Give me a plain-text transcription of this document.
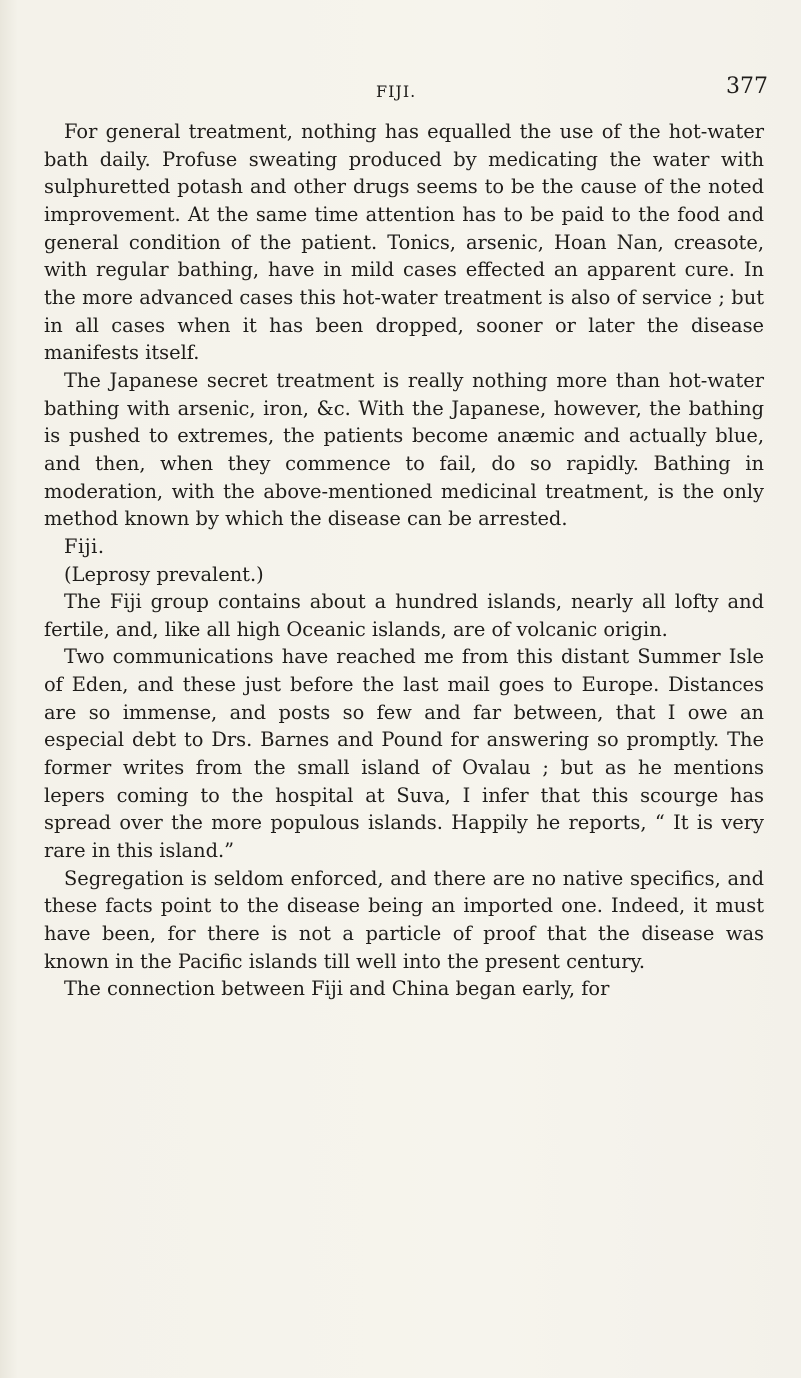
FIJI.	377

For general treatment, nothing has equalled the use of the hot-water bath daily. Profuse sweating produced by medicating the water with sulphuretted potash and other drugs seems to be the cause of the noted improvement. At the same time attention has to be paid to the food and general condition of the patient. Tonics, arsenic, Hoan Nan, creasote, with regular bathing, have in mild cases effected an apparent cure. In the more advanced cases this hot-water treatment is also of service ; but in all cases when it has been dropped, sooner or later the disease manifests itself.

The Japanese secret treatment is really nothing more than hot-water bathing with arsenic, iron, &c. With the Japanese, however, the bathing is pushed to extremes, the patients become anæmic and actually blue, and then, when they commence to fail, do so rapidly. Bathing in moderation, with the above-mentioned medicinal treatment, is the only method known by which the disease can be arrested.

Fiji.

(Leprosy prevalent.)

The Fiji group contains about a hundred islands, nearly all lofty and fertile, and, like all high Oceanic islands, are of volcanic origin.

Two communications have reached me from this distant Summer Isle of Eden, and these just before the last mail goes to Europe. Distances are so immense, and posts so few and far between, that I owe an especial debt to Drs. Barnes and Pound for answering so promptly. The former writes from the small island of Ovalau ; but as he mentions lepers coming to the hospital at Suva, I infer that this scourge has spread over the more populous islands. Happily he reports, “ It is very rare in this island.”

Segregation is seldom enforced, and there are no native specifics, and these facts point to the disease being an imported one. Indeed, it must have been, for there is not a particle of proof that the disease was known in the Pacific islands till well into the present century.

The connection between Fiji and China began early, for
